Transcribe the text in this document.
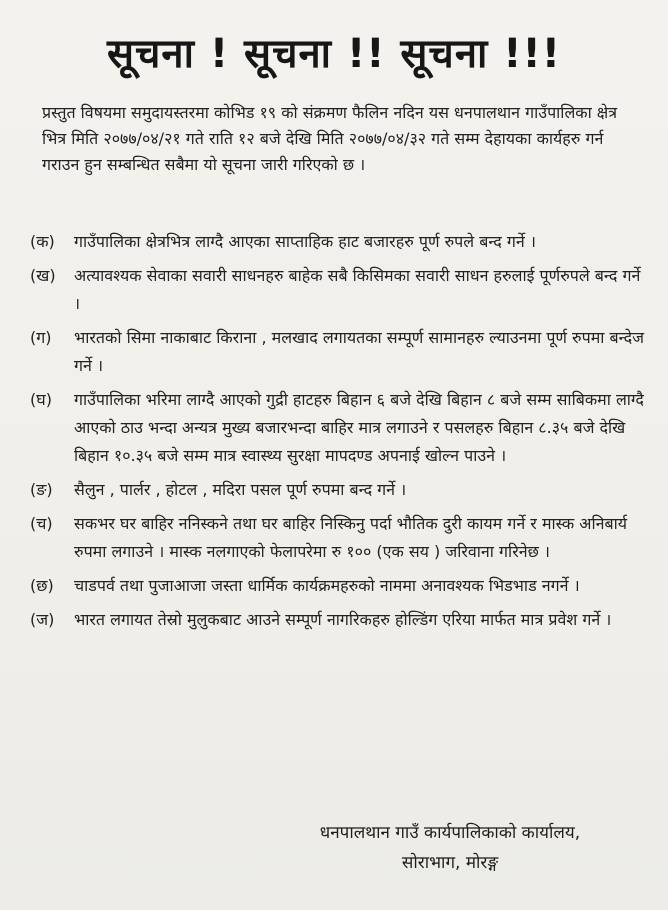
सूचना ! सूचना !! सूचना !!!
प्रस्तुत विषयमा समुदायस्तरमा कोभिड १९ को संक्रमण फैलिन नदिन यस धनपालथान गाउँपालिका क्षेत्र भित्र मिति २०७७/०४/२१ गते राति १२ बजे देखि मिति २०७७/०४/३२ गते सम्म देहायका कार्यहरु गर्न गराउन हुन सम्बन्धित सबैमा यो सूचना जारी गरिएको छ ।
(क)	गाउँपालिका क्षेत्रभित्र लाग्दै आएका साप्ताहिक हाट बजारहरु पूर्ण रुपले बन्द गर्ने ।
(ख)	अत्यावश्यक सेवाका सवारी साधनहरु बाहेक सबै किसिमका सवारी साधन हरुलाई पूर्णरुपले बन्द गर्ने ।
(ग)	भारतको सिमा नाकाबाट किराना , मलखाद लगायतका सम्पूर्ण सामानहरु ल्याउनमा पूर्ण रुपमा बन्देज गर्ने ।
(घ)	गाउँपालिका भरिमा लाग्दै आएको गुद्री हाटहरु बिहान ६ बजे देखि बिहान ८ बजे सम्म साबिकमा लाग्दै आएको ठाउ भन्दा अन्यत्र मुख्य बजारभन्दा बाहिर मात्र लगाउने र पसलहरु बिहान ८.३५ बजे देखि बिहान १०.३५ बजे सम्म मात्र स्वास्थ्य सुरक्षा मापदण्ड अपनाई खोल्न पाउने ।
(ङ)	सैलुन , पार्लर , होटल , मदिरा पसल पूर्ण रुपमा बन्द गर्ने ।
(च)	सकभर घर बाहिर ननिस्कने तथा घर बाहिर निस्किनु पर्दा भौतिक दुरी कायम गर्ने र मास्क अनिबार्य रुपमा लगाउने । मास्क नलगाएको फेलापरेमा रु १०० (एक सय ) जरिवाना गरिनेछ ।
(छ)	चाडपर्व तथा पुजाआजा जस्ता धार्मिक कार्यक्रमहरुको नाममा अनावश्यक भिडभाड नगर्ने ।
(ज)	भारत लगायत तेस्रो मुलुकबाट आउने सम्पूर्ण नागरिकहरु होल्डिंग एरिया मार्फत मात्र प्रवेश गर्ने ।
धनपालथान गाउँ कार्यपालिकाको कार्यालय,
सोराभाग, मोरङ्ग
